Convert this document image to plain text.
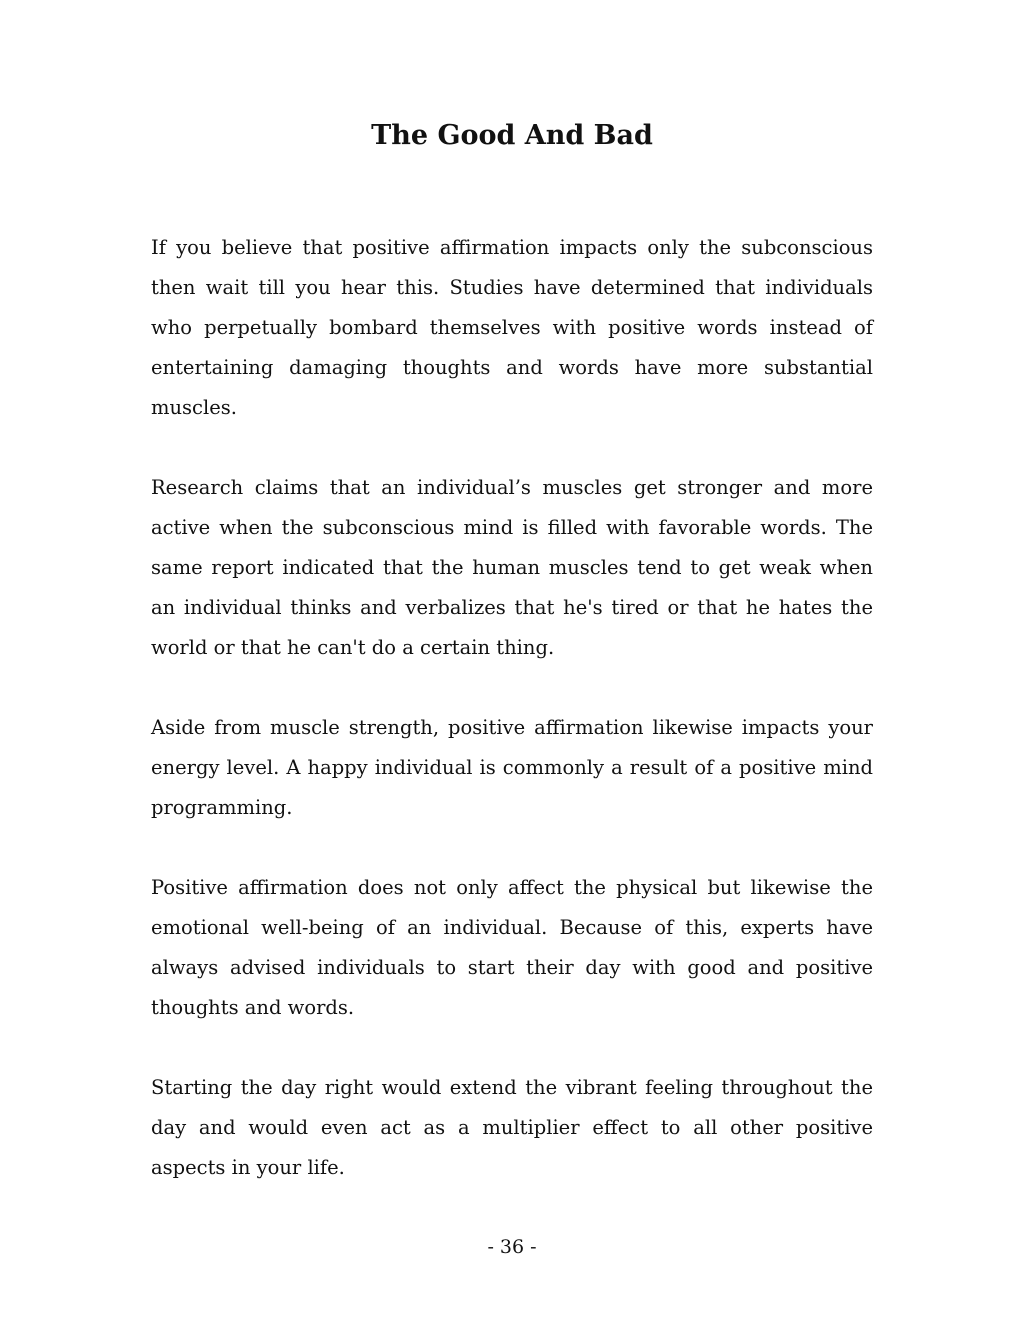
The Good And Bad

If you believe that positive affirmation impacts only the subconscious then wait till you hear this. Studies have determined that individuals who perpetually bombard themselves with positive words instead of entertaining damaging thoughts and words have more substantial muscles.

Research claims that an individual’s muscles get stronger and more active when the subconscious mind is filled with favorable words. The same report indicated that the human muscles tend to get weak when an individual thinks and verbalizes that he's tired or that he hates the world or that he can't do a certain thing.

Aside from muscle strength, positive affirmation likewise impacts your energy level. A happy individual is commonly a result of a positive mind programming.

Positive affirmation does not only affect the physical but likewise the emotional well-being of an individual. Because of this, experts have always advised individuals to start their day with good and positive thoughts and words.

Starting the day right would extend the vibrant feeling throughout the day and would even act as a multiplier effect to all other positive aspects in your life.

- 36 -
